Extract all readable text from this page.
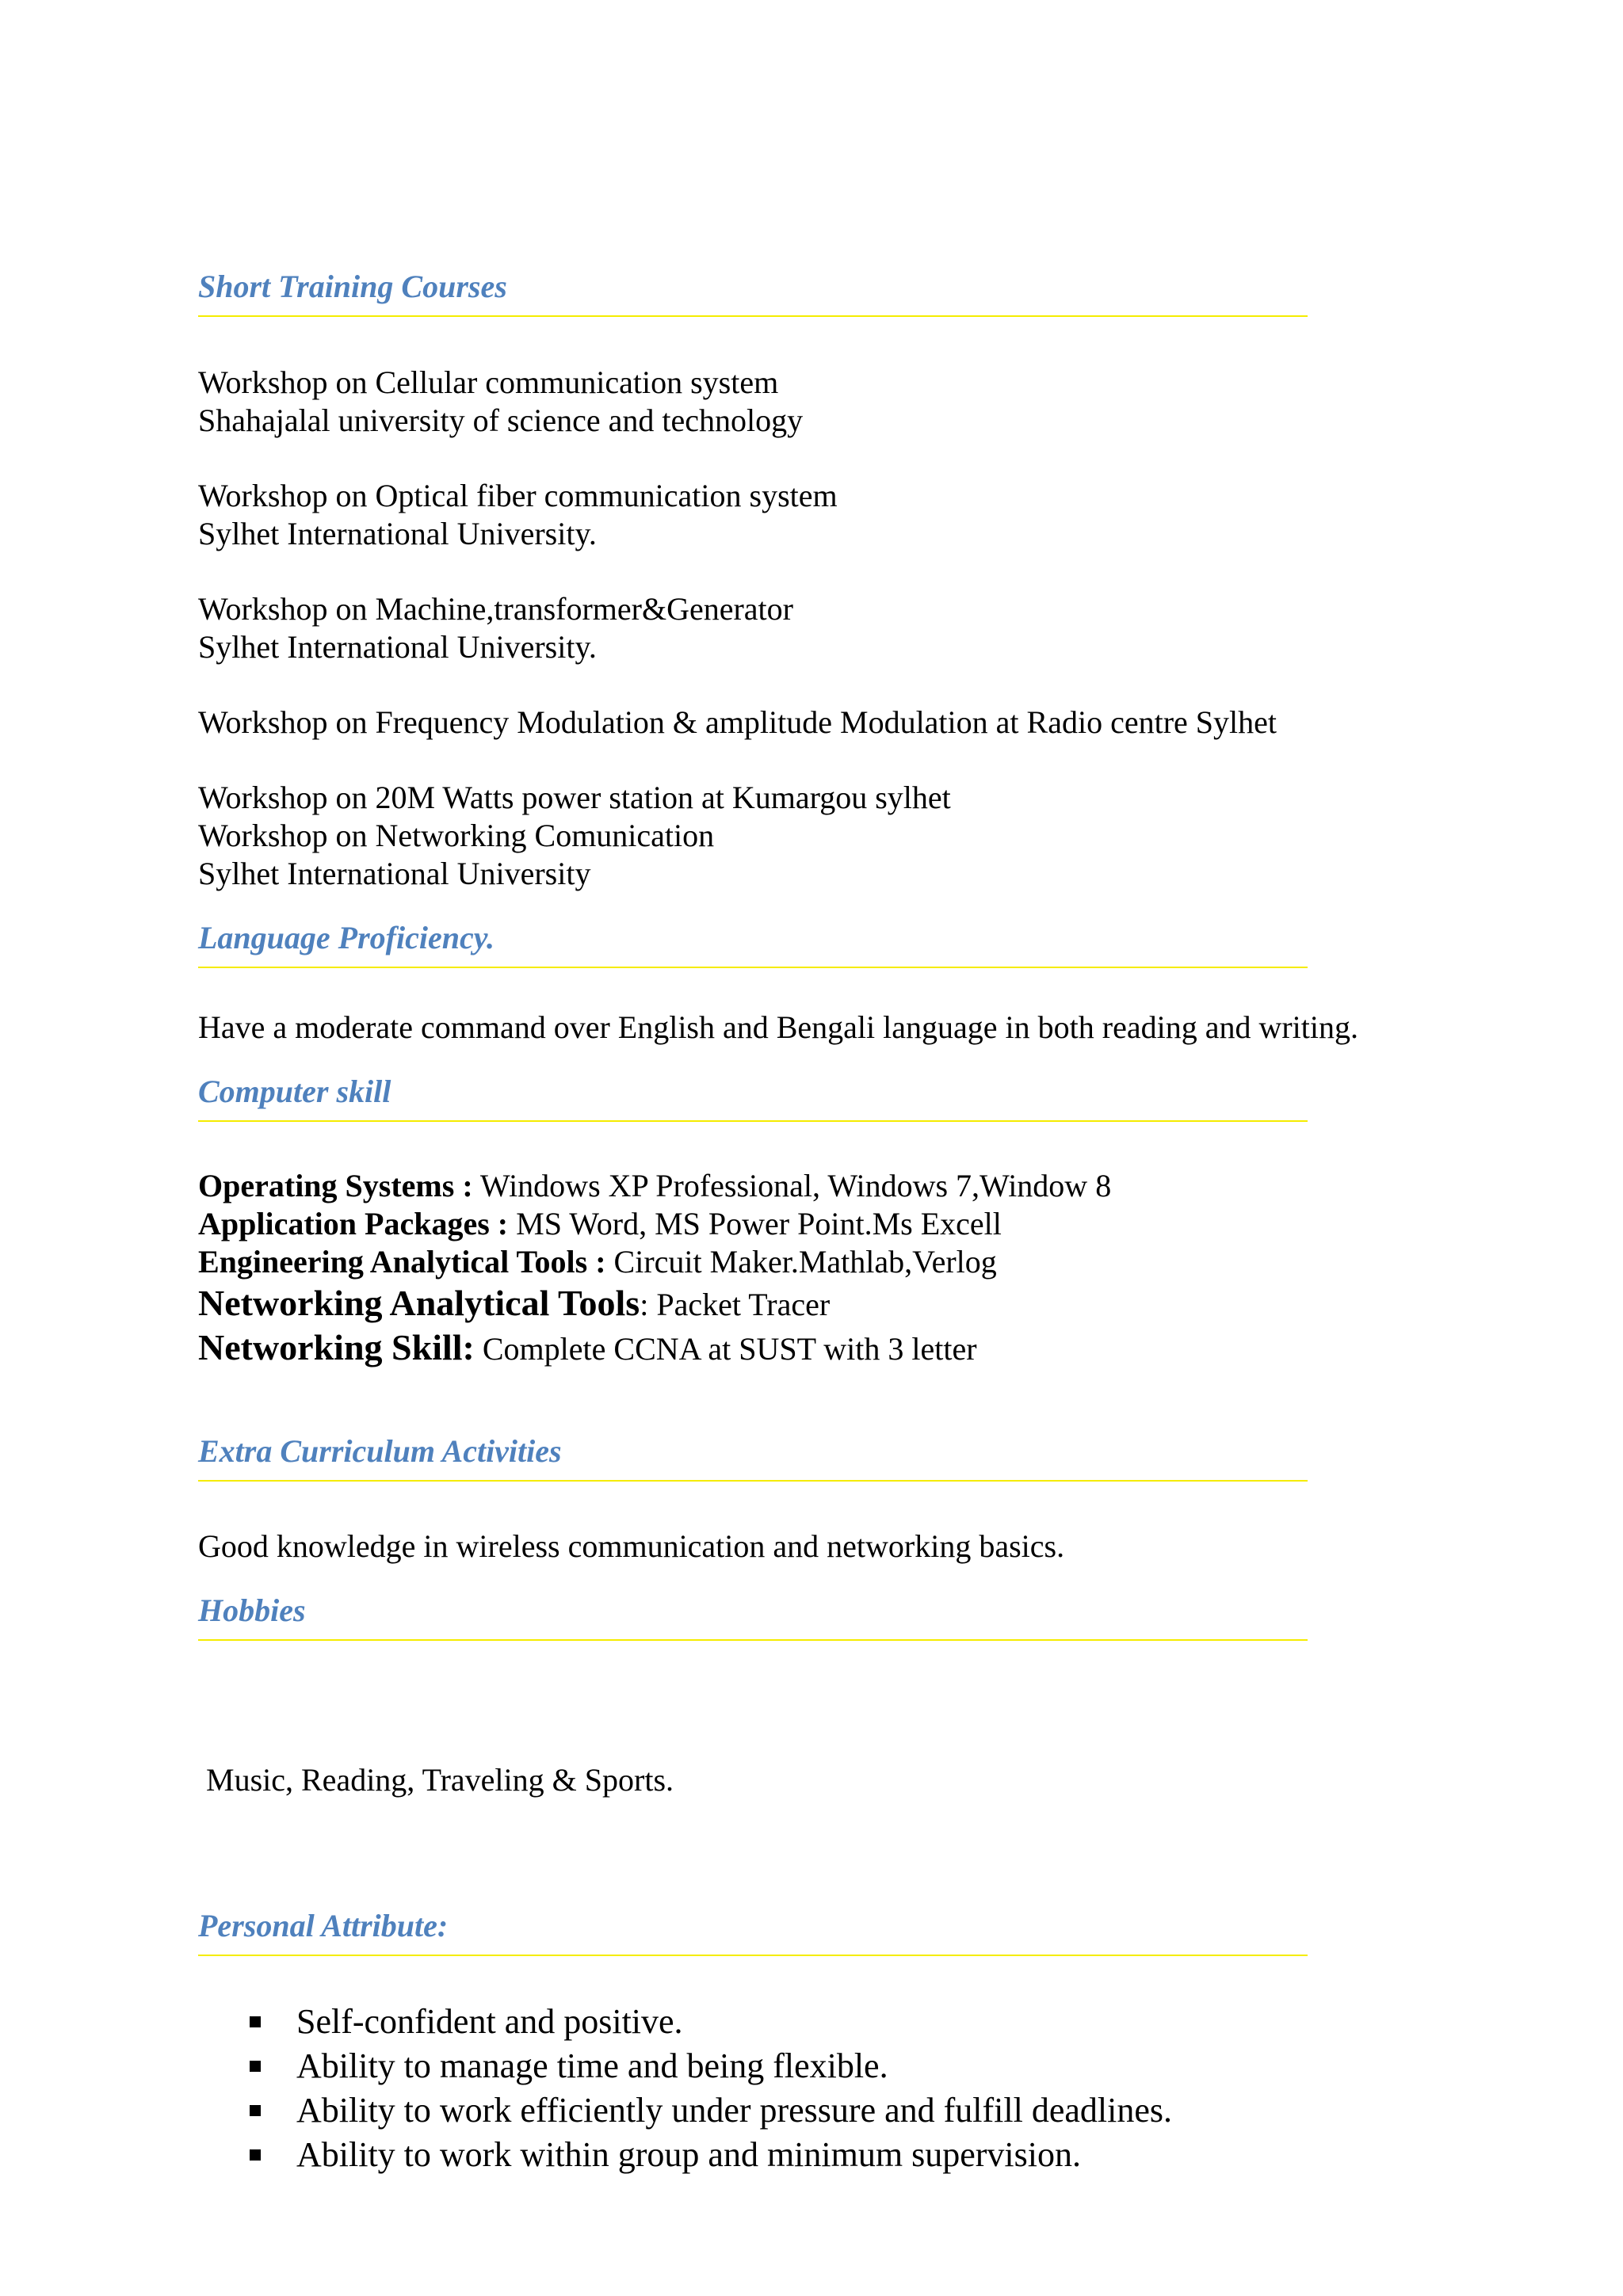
Short Training Courses

Workshop on Cellular communication system

Shahajalal university of science and technology

Workshop on Optical fiber communication system

Sylhet International University.

Workshop on Machine,transformer&Generator

Sylhet International University.

Workshop on Frequency Modulation & amplitude Modulation at Radio centre Sylhet

Workshop on 20M Watts power station at Kumargou sylhet

Workshop on Networking Comunication

Sylhet International University

Language Proficiency.

Have a moderate command over English and Bengali language in both reading and writing.

Computer skill

Operating Systems : Windows XP Professional, Windows 7,Window 8

Application Packages : MS Word, MS Power Point.Ms Excell

Engineering Analytical Tools : Circuit Maker.Mathlab,Verlog

Networking Analytical Tools: Packet Tracer

Networking Skill: Complete CCNA at SUST with 3 letter

Extra Curriculum Activities

Good knowledge in wireless communication and networking basics.

Hobbies

Music, Reading, Traveling & Sports.

Personal Attribute:

Self-confident and positive.

Ability to manage time and being flexible.

Ability to work efficiently under pressure and fulfill deadlines.

Ability to work within group and minimum supervision.
